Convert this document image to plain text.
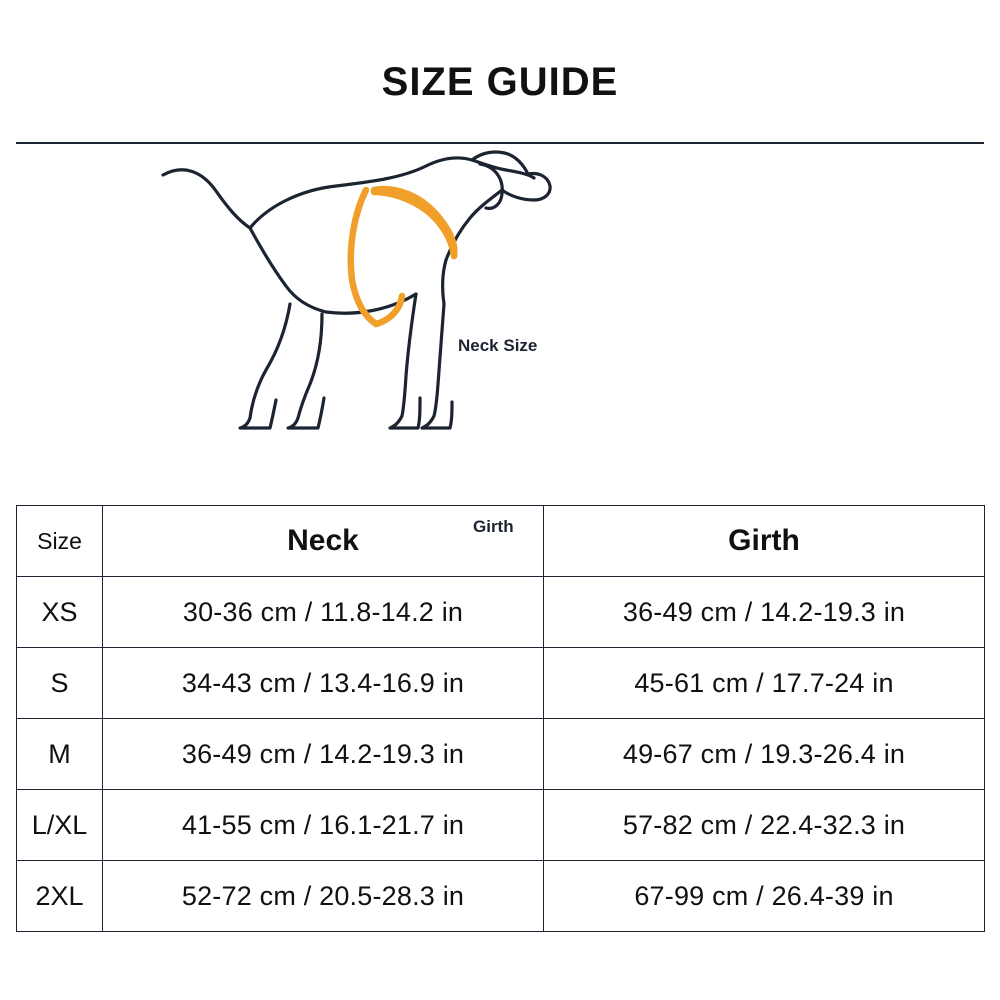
SIZE GUIDE
Neck Size
Girth
Size	Neck	Girth
XS	30-36 cm / 11.8-14.2 in	36-49 cm / 14.2-19.3 in
S	34-43 cm / 13.4-16.9 in	45-61 cm / 17.7-24 in
M	36-49 cm / 14.2-19.3 in	49-67 cm / 19.3-26.4 in
L/XL	41-55 cm / 16.1-21.7 in	57-82 cm / 22.4-32.3 in
2XL	52-72 cm / 20.5-28.3 in	67-99 cm / 26.4-39 in
